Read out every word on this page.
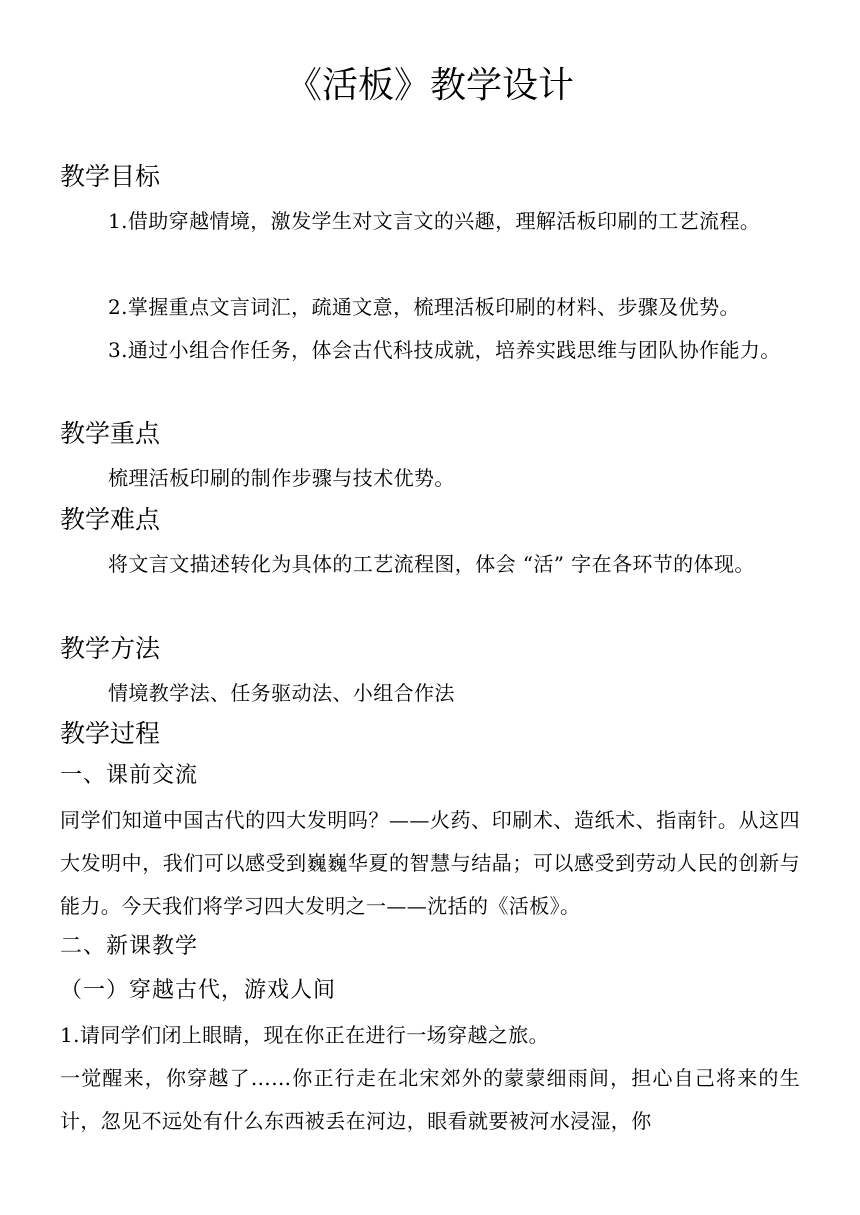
《活板》教学设计
教学目标
1.借助穿越情境，激发学生对文言文的兴趣，理解活板印刷的工艺流程。
2.掌握重点文言词汇，疏通文意，梳理活板印刷的材料、步骤及优势。
3.通过小组合作任务，体会古代科技成就，培养实践思维与团队协作能力。
教学重点
梳理活板印刷的制作步骤与技术优势。
教学难点
将文言文描述转化为具体的工艺流程图，体会 “活” 字在各环节的体现。
教学方法
情境教学法、任务驱动法、小组合作法
教学过程
一、课前交流
同学们知道中国古代的四大发明吗？——火药、印刷术、造纸术、指南针。从这四大发明中，我们可以感受到巍巍华夏的智慧与结晶；可以感受到劳动人民的创新与能力。今天我们将学习四大发明之一——沈括的《活板》。
二、新课教学
（一）穿越古代，游戏人间
1.请同学们闭上眼睛，现在你正在进行一场穿越之旅。
一觉醒来，你穿越了……你正行走在北宋郊外的蒙蒙细雨间，担心自己将来的生计，忽见不远处有什么东西被丢在河边，眼看就要被河水浸湿，你
